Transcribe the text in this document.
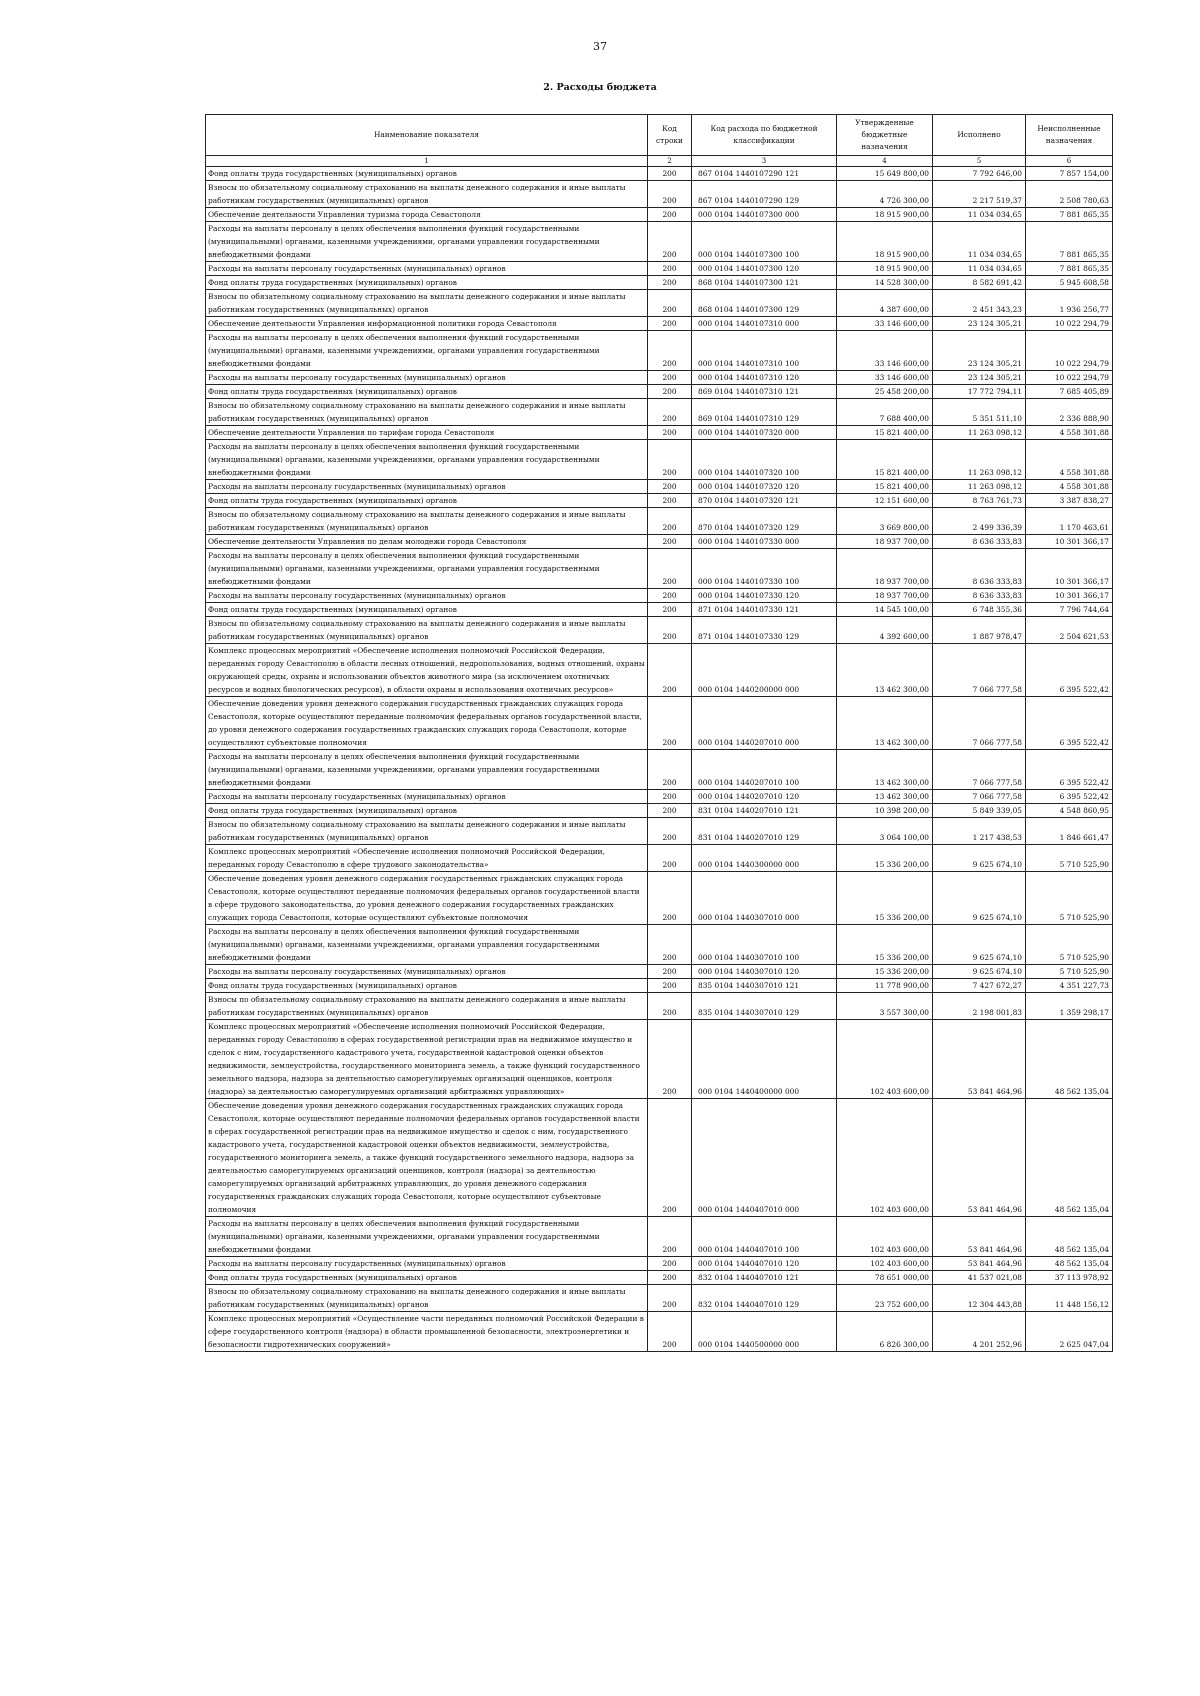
37
2. Расходы бюджета
Наименование показателя	Код строки	Код расхода по бюджетной классификации	Утвержденные бюджетные назначения	Исполнено	Неисполненные назначения
1	2	3	4	5	6
Фонд оплаты труда государственных (муниципальных) органов	200	867 0104 1440107290 121	15 649 800,00	7 792 646,00	7 857 154,00
Взносы по обязательному социальному страхованию на выплаты денежного содержания и иные выплаты работникам государственных (муниципальных) органов	200	867 0104 1440107290 129	4 726 300,00	2 217 519,37	2 508 780,63
Обеспечение деятельности Управления туризма города Севастополя	200	000 0104 1440107300 000	18 915 900,00	11 034 034,65	7 881 865,35
Расходы на выплаты персоналу в целях обеспечения выполнения функций государственными (муниципальными) органами, казенными учреждениями, органами управления государственными внебюджетными фондами	200	000 0104 1440107300 100	18 915 900,00	11 034 034,65	7 881 865,35
Расходы на выплаты персоналу государственных (муниципальных) органов	200	000 0104 1440107300 120	18 915 900,00	11 034 034,65	7 881 865,35
Фонд оплаты труда государственных (муниципальных) органов	200	868 0104 1440107300 121	14 528 300,00	8 582 691,42	5 945 608,58
Взносы по обязательному социальному страхованию на выплаты денежного содержания и иные выплаты работникам государственных (муниципальных) органов	200	868 0104 1440107300 129	4 387 600,00	2 451 343,23	1 936 256,77
Обеспечение деятельности Управления информационной политики города Севастополя	200	000 0104 1440107310 000	33 146 600,00	23 124 305,21	10 022 294,79
Расходы на выплаты персоналу в целях обеспечения выполнения функций государственными (муниципальными) органами, казенными учреждениями, органами управления государственными внебюджетными фондами	200	000 0104 1440107310 100	33 146 600,00	23 124 305,21	10 022 294,79
Расходы на выплаты персоналу государственных (муниципальных) органов	200	000 0104 1440107310 120	33 146 600,00	23 124 305,21	10 022 294,79
Фонд оплаты труда государственных (муниципальных) органов	200	869 0104 1440107310 121	25 458 200,00	17 772 794,11	7 685 405,89
Взносы по обязательному социальному страхованию на выплаты денежного содержания и иные выплаты работникам государственных (муниципальных) органов	200	869 0104 1440107310 129	7 688 400,00	5 351 511,10	2 336 888,90
Обеспечение деятельности Управления по тарифам города Севастополя	200	000 0104 1440107320 000	15 821 400,00	11 263 098,12	4 558 301,88
Расходы на выплаты персоналу в целях обеспечения выполнения функций государственными (муниципальными) органами, казенными учреждениями, органами управления государственными внебюджетными фондами	200	000 0104 1440107320 100	15 821 400,00	11 263 098,12	4 558 301,88
Расходы на выплаты персоналу государственных (муниципальных) органов	200	000 0104 1440107320 120	15 821 400,00	11 263 098,12	4 558 301,88
Фонд оплаты труда государственных (муниципальных) органов	200	870 0104 1440107320 121	12 151 600,00	8 763 761,73	3 387 838,27
Взносы по обязательному социальному страхованию на выплаты денежного содержания и иные выплаты работникам государственных (муниципальных) органов	200	870 0104 1440107320 129	3 669 800,00	2 499 336,39	1 170 463,61
Обеспечение деятельности Управления по делам молодежи города Севастополя	200	000 0104 1440107330 000	18 937 700,00	8 636 333,83	10 301 366,17
Расходы на выплаты персоналу в целях обеспечения выполнения функций государственными (муниципальными) органами, казенными учреждениями, органами управления государственными внебюджетными фондами	200	000 0104 1440107330 100	18 937 700,00	8 636 333,83	10 301 366,17
Расходы на выплаты персоналу государственных (муниципальных) органов	200	000 0104 1440107330 120	18 937 700,00	8 636 333,83	10 301 366,17
Фонд оплаты труда государственных (муниципальных) органов	200	871 0104 1440107330 121	14 545 100,00	6 748 355,36	7 796 744,64
Взносы по обязательному социальному страхованию на выплаты денежного содержания и иные выплаты работникам государственных (муниципальных) органов	200	871 0104 1440107330 129	4 392 600,00	1 887 978,47	2 504 621,53
Комплекс процессных мероприятий «Обеспечение исполнения полномочий Российской Федерации, переданных городу Севастополю в области лесных отношений, недропользования, водных отношений, охраны окружающей среды, охраны и использования объектов животного мира (за исключением охотничьих ресурсов и водных биологических ресурсов), в области охраны и использования охотничьих ресурсов»	200	000 0104 1440200000 000	13 462 300,00	7 066 777,58	6 395 522,42
Обеспечение доведения уровня денежного содержания государственных гражданских служащих города Севастополя, которые осуществляют переданные полномочия федеральных органов государственной власти, до уровня денежного содержания государственных гражданских служащих города Севастополя, которые осуществляют субъектовые полномочия	200	000 0104 1440207010 000	13 462 300,00	7 066 777,58	6 395 522,42
Расходы на выплаты персоналу в целях обеспечения выполнения функций государственными (муниципальными) органами, казенными учреждениями, органами управления государственными внебюджетными фондами	200	000 0104 1440207010 100	13 462 300,00	7 066 777,58	6 395 522,42
Расходы на выплаты персоналу государственных (муниципальных) органов	200	000 0104 1440207010 120	13 462 300,00	7 066 777,58	6 395 522,42
Фонд оплаты труда государственных (муниципальных) органов	200	831 0104 1440207010 121	10 398 200,00	5 849 339,05	4 548 860,95
Взносы по обязательному социальному страхованию на выплаты денежного содержания и иные выплаты работникам государственных (муниципальных) органов	200	831 0104 1440207010 129	3 064 100,00	1 217 438,53	1 846 661,47
Комплекс процессных мероприятий «Обеспечение исполнения полномочий Российской Федерации, переданных городу Севастополю в сфере трудового законодательства»	200	000 0104 1440300000 000	15 336 200,00	9 625 674,10	5 710 525,90
Обеспечение доведения уровня денежного содержания государственных гражданских служащих города Севастополя, которые осуществляют переданные полномочия федеральных органов государственной власти в сфере трудового законодательства, до уровня денежного содержания государственных гражданских служащих города Севастополя, которые осуществляют субъектовые полномочия	200	000 0104 1440307010 000	15 336 200,00	9 625 674,10	5 710 525,90
Расходы на выплаты персоналу в целях обеспечения выполнения функций государственными (муниципальными) органами, казенными учреждениями, органами управления государственными внебюджетными фондами	200	000 0104 1440307010 100	15 336 200,00	9 625 674,10	5 710 525,90
Расходы на выплаты персоналу государственных (муниципальных) органов	200	000 0104 1440307010 120	15 336 200,00	9 625 674,10	5 710 525,90
Фонд оплаты труда государственных (муниципальных) органов	200	835 0104 1440307010 121	11 778 900,00	7 427 672,27	4 351 227,73
Взносы по обязательному социальному страхованию на выплаты денежного содержания и иные выплаты работникам государственных (муниципальных) органов	200	835 0104 1440307010 129	3 557 300,00	2 198 001,83	1 359 298,17
Комплекс процессных мероприятий «Обеспечение исполнения полномочий Российской Федерации, переданных городу Севастополю в сферах государственной регистрации прав на недвижимое имущество и сделок с ним, государственного кадастрового учета, государственной кадастровой оценки объектов недвижимости, землеустройства, государственного мониторинга земель, а также функций государственного земельного надзора, надзора за деятельностью саморегулируемых организаций оценщиков, контроля (надзора) за деятельностью саморегулируемых организаций арбитражных управляющих»	200	000 0104 1440400000 000	102 403 600,00	53 841 464,96	48 562 135,04
Обеспечение доведения уровня денежного содержания государственных гражданских служащих города Севастополя, которые осуществляют переданные полномочия федеральных органов государственной власти в сферах государственной регистрации прав на недвижимое имущество и сделок с ним, государственного кадастрового учета, государственной кадастровой оценки объектов недвижимости, землеустройства, государственного мониторинга земель, а также функций государственного земельного надзора, надзора за деятельностью саморегулируемых организаций оценщиков, контроля (надзора) за деятельностью саморегулируемых организаций арбитражных управляющих, до уровня денежного содержания государственных гражданских служащих города Севастополя, которые осуществляют субъектовые полномочия	200	000 0104 1440407010 000	102 403 600,00	53 841 464,96	48 562 135,04
Расходы на выплаты персоналу в целях обеспечения выполнения функций государственными (муниципальными) органами, казенными учреждениями, органами управления государственными внебюджетными фондами	200	000 0104 1440407010 100	102 403 600,00	53 841 464,96	48 562 135,04
Расходы на выплаты персоналу государственных (муниципальных) органов	200	000 0104 1440407010 120	102 403 600,00	53 841 464,96	48 562 135,04
Фонд оплаты труда государственных (муниципальных) органов	200	832 0104 1440407010 121	78 651 000,00	41 537 021,08	37 113 978,92
Взносы по обязательному социальному страхованию на выплаты денежного содержания и иные выплаты работникам государственных (муниципальных) органов	200	832 0104 1440407010 129	23 752 600,00	12 304 443,88	11 448 156,12
Комплекс процессных мероприятий «Осуществление части переданных полномочий Российской Федерации в сфере государственного контроля (надзора) в области промышленной безопасности, электроэнергетики и безопасности гидротехнических сооружений»	200	000 0104 1440500000 000	6 826 300,00	4 201 252,96	2 625 047,04
